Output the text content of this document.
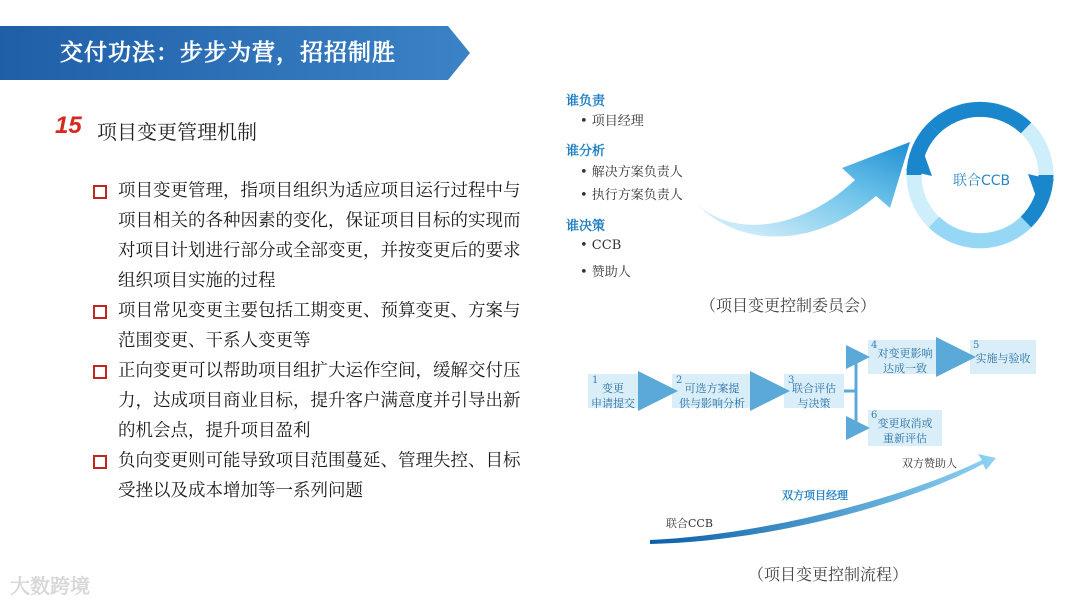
交付功法：步步为营，招招制胜
15 项目变更管理机制
项目变更管理，指项目组织为适应项目运行过程中与项目相关的各种因素的变化，保证项目目标的实现而对项目计划进行部分或全部变更，并按变更后的要求组织项目实施的过程
项目常见变更主要包括工期变更、预算变更、方案与范围变更、干系人变更等
正向变更可以帮助项目组扩大运作空间，缓解交付压力，达成项目商业目标，提升客户满意度并引导出新的机会点，提升项目盈利
负向变更则可能导致项目范围蔓延、管理失控、目标受挫以及成本增加等一系列问题
谁负责
• 项目经理
谁分析
• 解决方案负责人
• 执行方案负责人
谁决策
• CCB
• 赞助人
联合CCB
（项目变更控制委员会）
1
变更
申请提交
2
可选方案提
供与影响分析
3
联合评估
与决策
4
对变更影响
达成一致
5
实施与验收
6
变更取消或
重新评估
双方赞助人
双方项目经理
联合CCB	争议升级
（项目变更控制流程）
大数跨境
